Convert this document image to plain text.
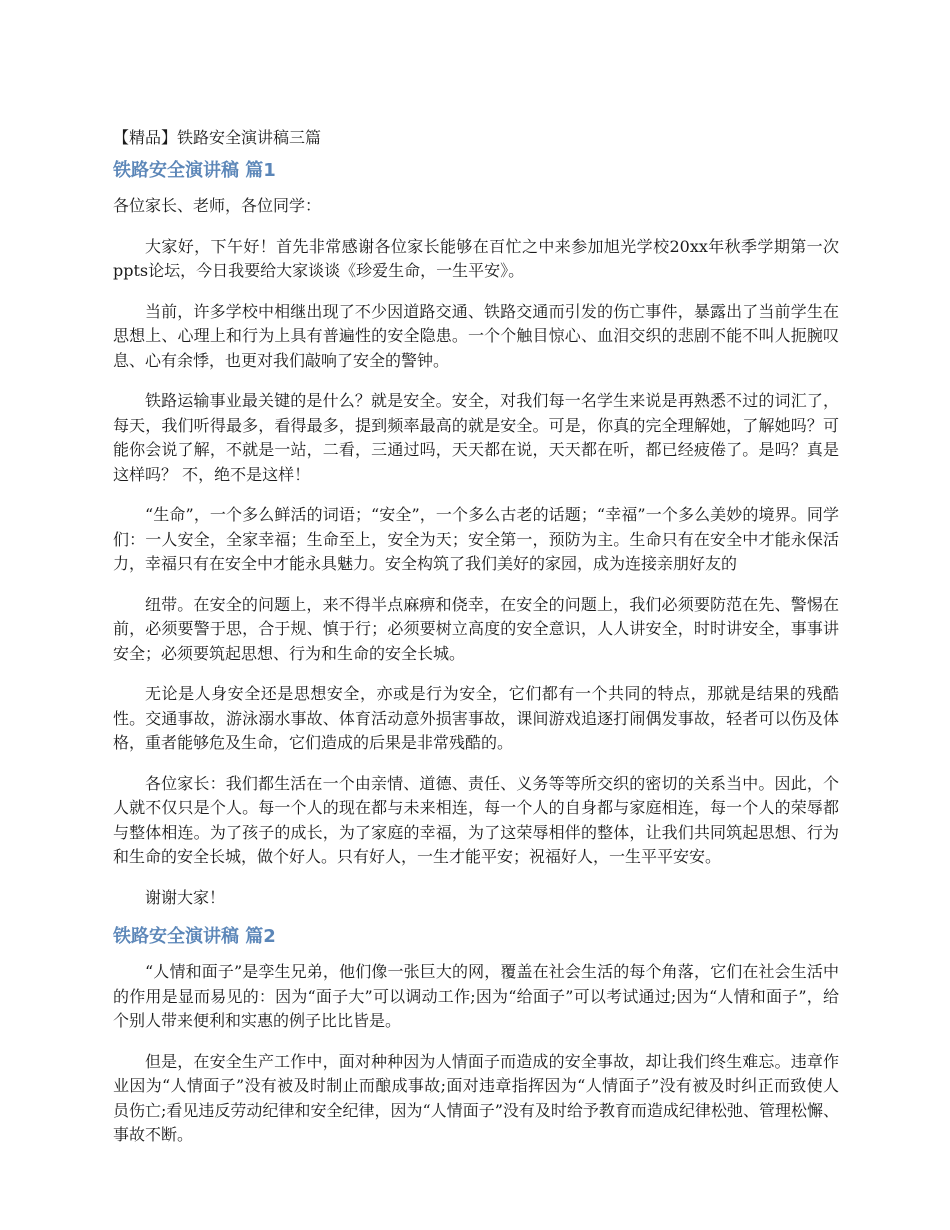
【精品】铁路安全演讲稿三篇

铁路安全演讲稿 篇1

各位家长、老师，各位同学：

大家好，下午好！首先非常感谢各位家长能够在百忙之中来参加旭光学校20xx年秋季学期第一次ppts论坛，今日我要给大家谈谈《珍爱生命，一生平安》。

当前，许多学校中相继出现了不少因道路交通、铁路交通而引发的伤亡事件，暴露出了当前学生在思想上、心理上和行为上具有普遍性的安全隐患。一个个触目惊心、血泪交织的悲剧不能不叫人扼腕叹息、心有余悸，也更对我们敲响了安全的警钟。

铁路运输事业最关键的是什么？就是安全。安全，对我们每一名学生来说是再熟悉不过的词汇了，每天，我们听得最多，看得最多，提到频率最高的就是安全。可是，你真的完全理解她，了解她吗？可能你会说了解，不就是一站，二看，三通过吗，天天都在说，天天都在听，都已经疲倦了。是吗？真是这样吗？ 不，绝不是这样！

“生命”，一个多么鲜活的词语；“安全”，一个多么古老的话题；“幸福”一个多么美妙的境界。同学们：一人安全，全家幸福；生命至上，安全为天；安全第一，预防为主。生命只有在安全中才能永保活力，幸福只有在安全中才能永具魅力。安全构筑了我们美好的家园，成为连接亲朋好友的

纽带。在安全的问题上，来不得半点麻痹和侥幸，在安全的问题上，我们必须要防范在先、警惕在前，必须要警于思，合于规、慎于行；必须要树立高度的安全意识，人人讲安全，时时讲安全，事事讲安全；必须要筑起思想、行为和生命的安全长城。

无论是人身安全还是思想安全，亦或是行为安全，它们都有一个共同的特点，那就是结果的残酷性。交通事故，游泳溺水事故、体育活动意外损害事故，课间游戏追逐打闹偶发事故，轻者可以伤及体格，重者能够危及生命，它们造成的后果是非常残酷的。

各位家长：我们都生活在一个由亲情、道德、责任、义务等等所交织的密切的关系当中。因此，个人就不仅只是个人。每一个人的现在都与未来相连，每一个人的自身都与家庭相连，每一个人的荣辱都与整体相连。为了孩子的成长，为了家庭的幸福，为了这荣辱相伴的整体，让我们共同筑起思想、行为和生命的安全长城，做个好人。只有好人，一生才能平安；祝福好人，一生平平安安。

谢谢大家！

铁路安全演讲稿 篇2

“人情和面子”是孪生兄弟，他们像一张巨大的网，覆盖在社会生活的每个角落，它们在社会生活中的作用是显而易见的：因为“面子大”可以调动工作;因为“给面子”可以考试通过;因为“人情和面子”，给个别人带来便利和实惠的例子比比皆是。

但是，在安全生产工作中，面对种种因为人情面子而造成的安全事故，却让我们终生难忘。违章作业因为“人情面子”没有被及时制止而酿成事故;面对违章指挥因为“人情面子”没有被及时纠正而致使人员伤亡;看见违反劳动纪律和安全纪律，因为“人情面子”没有及时给予教育而造成纪律松弛、管理松懈、事故不断。
